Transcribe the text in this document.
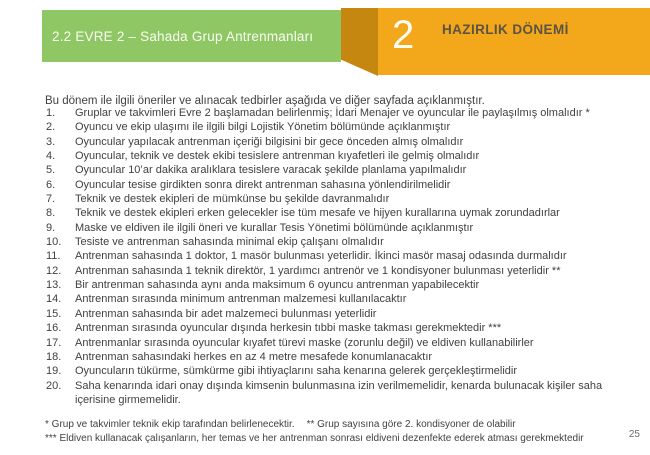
2.2 EVRE 2 – Sahada Grup Antrenmanları 2 HAZIRLIK DÖNEMİ

Bu dönem ile ilgili öneriler ve alınacak tedbirler aşağıda ve diğer sayfada açıklanmıştır.

1.	Gruplar ve takvimleri Evre 2 başlamadan belirlenmiş; İdari Menajer ve oyuncular ile paylaşılmış olmalıdır *
2.	Oyuncu ve ekip ulaşımı ile ilgili bilgi Lojistik Yönetim bölümünde açıklanmıştır
3.	Oyuncular yapılacak antrenman içeriği bilgisini bir gece önceden almış olmalıdır
4.	Oyuncular, teknik ve destek ekibi tesislere antrenman kıyafetleri ile gelmiş olmalıdır
5.	Oyuncular 10’ar dakika aralıklara tesislere varacak şekilde planlama yapılmalıdır
6.	Oyuncular tesise girdikten sonra direkt antrenman sahasına yönlendirilmelidir
7.	Teknik ve destek ekipleri de mümkünse bu şekilde davranmalıdır
8.	Teknik ve destek ekipleri erken gelecekler ise tüm mesafe ve hijyen kurallarına uymak zorundadırlar
9.	Maske ve eldiven ile ilgili öneri ve kurallar Tesis Yönetimi bölümünde açıklanmıştır
10.	Tesiste ve antrenman sahasında minimal ekip çalışanı olmalıdır
11.	Antrenman sahasında 1 doktor, 1 masör bulunması yeterlidir. İkinci masör masaj odasında durmalıdır
12.	Antrenman sahasında 1 teknik direktör, 1 yardımcı antrenör ve 1 kondisyoner bulunması yeterlidir **
13.	Bir antrenman sahasında aynı anda maksimum 6 oyuncu antrenman yapabilecektir
14.	Antrenman sırasında minimum antrenman malzemesi kullanılacaktır
15.	Antrenman sahasında bir adet malzemeci bulunması yeterlidir
16.	Antrenman sırasında oyuncular dışında herkesin tıbbi maske takması gerekmektedir ***
17.	Antrenmanlar sırasında oyuncular kıyafet türevi maske (zorunlu değil) ve eldiven kullanabilirler
18.	Antrenman sahasındaki herkes en az 4 metre mesafede konumlanacaktır
19.	Oyuncuların tükürme, sümkürme gibi ihtiyaçlarını saha kenarına gelerek gerçekleştirmelidir
20.	Saha kenarında idari onay dışında kimsenin bulunmasına izin verilmemelidir, kenarda bulunacak kişiler saha içerisine girmemelidir.
* Grup ve takvimler teknik ekip tarafından belirlenecektir. ** Grup sayısına göre 2. kondisyoner de olabilir
*** Eldiven kullanacak çalışanların, her temas ve her antrenman sonrası eldiveni dezenfekte ederek atması gerekmektedir	25
